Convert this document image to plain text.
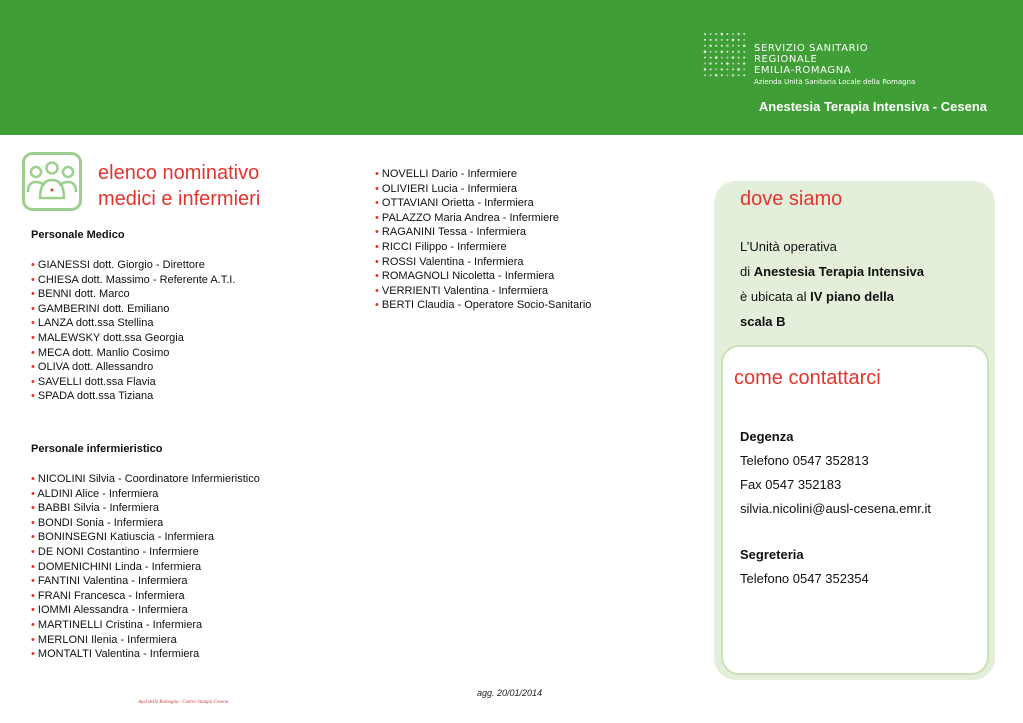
SERVIZIO SANITARIO REGIONALE
EMILIA-ROMAGNA
Azienda Unità Sanitaria Locale della Romagna
Anestesia Terapia Intensiva - Cesena
elenco nominativo
medici e infermieri
Personale Medico
• GIANESSI dott. Giorgio - Direttore
• CHIESA dott. Massimo - Referente A.T.I.
• BENNI dott. Marco
• GAMBERINI dott. Emiliano
• LANZA dott.ssa Stellina
• MALEWSKY dott.ssa Georgia
• MECA dott. Manlio Cosimo
• OLIVA dott. Allessandro
• SAVELLI dott.ssa Flavia
• SPADA dott.ssa Tiziana
Personale infermieristico
• NICOLINI Silvia - Coordinatore Infermieristico
• ALDINI Alice - Infermiera
• BABBI Silvia - Infermiera
• BONDI Sonia - Infermiera
• BONINSEGNI Katiuscia - Infermiera
• DE NONI Costantino - Infermiere
• DOMENICHINI Linda - Infermiera
• FANTINI Valentina - Infermiera
• FRANI Francesca - Infermiera
• IOMMI Alessandra - Infermiera
• MARTINELLI Cristina - Infermiera
• MERLONI Ilenia - Infermiera
• MONTALTI Valentina - Infermiera
• NOVELLI Dario - Infermiere
• OLIVIERI Lucia - Infermiera
• OTTAVIANI Orietta - Infermiera
• PALAZZO Maria Andrea - Infermiere
• RAGANINI Tessa - Infermiera
• RICCI Filippo - Infermiere
• ROSSI Valentina - Infermiera
• ROMAGNOLI Nicoletta - Infermiera
• VERRIENTI Valentina - Infermiera
• BERTI Claudia - Operatore Socio-Sanitario
Ausl della Romagna · Centro Stampa Cesena
agg. 20/01/2014
dove siamo
L’Unità operativa
di Anestesia Terapia Intensiva
è ubicata al IV piano della
scala B
come contattarci
Degenza
Telefono 0547 352813
Fax 0547 352183
silvia.nicolini@ausl-cesena.emr.it
Segreteria
Telefono 0547 352354
